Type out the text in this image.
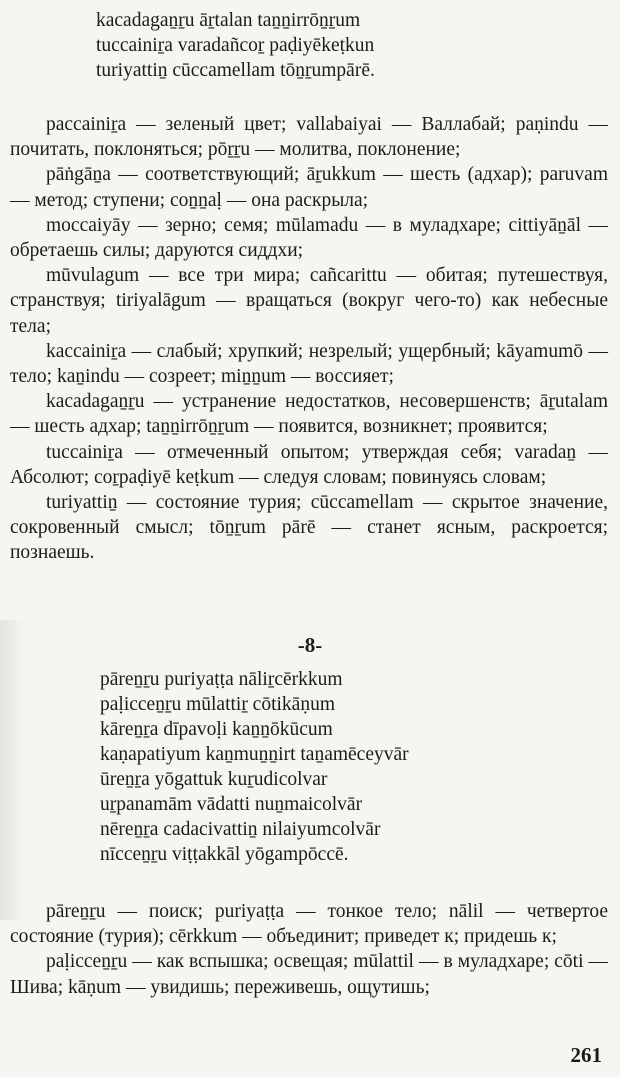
kacadagaṉṟu āṟtalan taṉṉirrōṉṟum
tuccainiṟa varadañcoṟ paḍiyēkeṭkun
turiyattiṉ cūccamellam tōṉṟumpārē.

paccainiṟa — зеленый цвет; vallabaiyai — Валлабай; paṇindu — почитать, поклоняться; pōṟṟu — молитва, поклонение;

pāṅgāṉa — соответствующий; āṟukkum — шесть (адхар); paruvam — метод; ступени; coṉṉaḷ — она раскрыла;

moccaiyāy — зерно; семя; mūlamadu — в муладхаре; cittiyāṉāl — обретаешь силы; даруются сиддхи;

mūvulagum — все три мира; cañcarittu — обитая; путешествуя, странствуя; tiriyalāgum — вращаться (вокруг чего-то) как небесные тела;

kaccainiṟa — слабый; хрупкий; незрелый; ущербный; kāyamumō — тело; kaṉindu — созреет; miṉṉum — воссияет;

kacadagaṉṟu — устранение недостатков, несовершенств; āṟutalam — шесть адхар; taṉṉirrōṉṟum — появится, возникнет; проявится;

tuccainiṟa — отмеченный опытом; утверждая себя; varadaṉ — Абсолют; coṟpaḍiyē keṭkum — следуя словам; повинуясь словам;

turiyattiṉ — состояние турия; cūccamellam — скрытое значение, сокровенный смысл; tōṉṟum pārē — станет ясным, раскроется; познаешь.

-8-
pāreṉṟu puriyaṭṭa nāliṟcērkkum
paḷicceṉṟu mūlattiṟ cōtikāṇum
kāreṉṟa dīpavoḷi kaṉṉōkūcum
kaṇapatiyum kaṉmuṉṉirt taṉamēceyvār
ūreṉṟa yōgattuk kuṟudicolvar
uṟpanamām vādatti nuṉmaicolvār
nēreṉṟa cadacivattiṉ nilaiyumcolvār
nīcceṉṟu viṭṭakkāl yōgampōccē.

pāreṉṟu — поиск; puriyaṭṭa — тонкое тело; nālil — четвертое состояние (турия); cērkkum — объединит; приведет к; придешь к;

paḷicceṉṟu — как вспышка; освещая; mūlattil — в муладхаре; cōti — Шива; kāṇum — увидишь; переживешь, ощутишь;

261
